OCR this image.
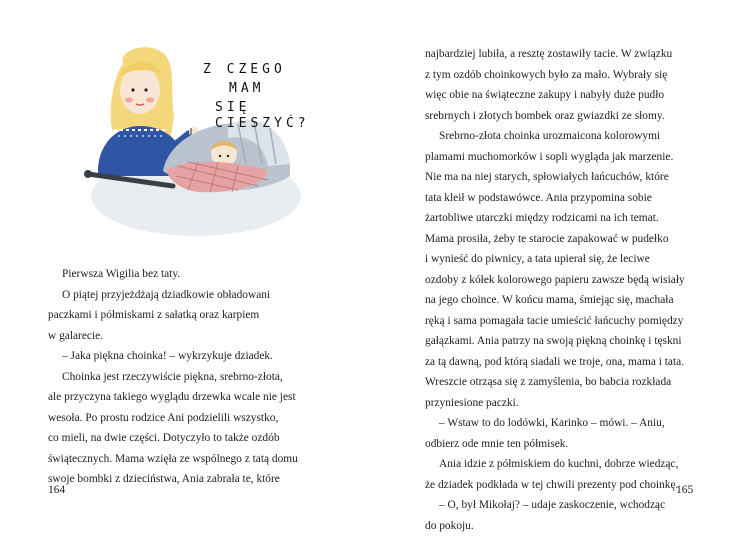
Z CZEGO
MAM
SIĘ CIESZYĆ?

Pierwsza Wigilia bez taty.

O piątej przyjeżdżają dziadkowie obładowani

paczkami i półmiskami z sałatką oraz karpiem

w galarecie.

– Jaka piękna choinka! – wykrzykuje dziadek.

Choinka jest rzeczywiście piękna, srebrno-złota,

ale przyczyna takiego wyglądu drzewka wcale nie jest

wesoła. Po prostu rodzice Ani podzielili wszystko,

co mieli, na dwie części. Dotyczyło to także ozdób

świątecznych. Mama wzięła ze wspólnego z tatą domu

swoje bombki z dzieciństwa, Ania zabrała te, które

164	165

najbardziej lubiła, a resztę zostawiły tacie. W związku

z tym ozdób choinkowych było za mało. Wybrały się

więc obie na świąteczne zakupy i nabyły duże pudło

srebrnych i złotych bombek oraz gwiazdki ze słomy.

Srebrno-złota choinka urozmaicona kolorowymi

plamami muchomorków i sopli wygląda jak marzenie.

Nie ma na niej starych, spłowiałych łańcuchów, które

tata kleił w podstawówce. Ania przypomina sobie

żartobliwe utarczki między rodzicami na ich temat.

Mama prosiła, żeby te starocie zapakować w pudełko

i wynieść do piwnicy, a tata upierał się, że leciwe

ozdoby z kółek kolorowego papieru zawsze będą wisiały

na jego choince. W końcu mama, śmiejąc się, machała

ręką i sama pomagała tacie umieścić łańcuchy pomiędzy

gałązkami. Ania patrzy na swoją piękną choinkę i tęskni

za tą dawną, pod którą siadali we troje, ona, mama i tata.

Wreszcie otrząsa się z zamyślenia, bo babcia rozkłada

przyniesione paczki.

– Wstaw to do lodówki, Karinko – mówi. – Aniu,

odbierz ode mnie ten półmisek.

Ania idzie z półmiskiem do kuchni, dobrze wiedząc,

że dziadek podkłada w tej chwili prezenty pod choinkę.

– O, był Mikołaj? – udaje zaskoczenie, wchodząc

do pokoju.
